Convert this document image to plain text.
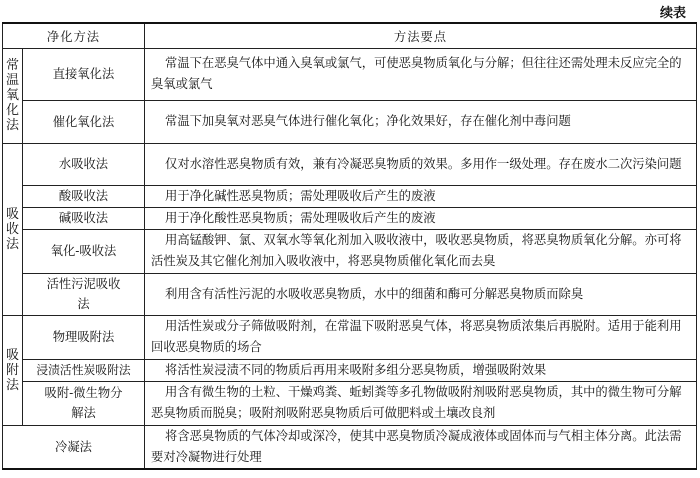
续表
净化方法		方法要点
常温氧化法	直接氧化法	常温下在恶臭气体中通入臭氧或氯气，可使恶臭物质氧化与分解；但往往还需处理未反应完全的臭氧或氯气
	催化氧化法	常温下加臭氧对恶臭气体进行催化氧化；净化效果好，存在催化剂中毒问题
吸收法	水吸收法	仅对水溶性恶臭物质有效，兼有冷凝恶臭物质的效果。多用作一级处理。存在废水二次污染问题
	酸吸收法	用于净化碱性恶臭物质；需处理吸收后产生的废液
	碱吸收法	用于净化酸性恶臭物质；需处理吸收后产生的废液
	氧化-吸收法	用高锰酸钾、氯、双氧水等氧化剂加入吸收液中，吸收恶臭物质，将恶臭物质氧化分解。亦可将活性炭及其它催化剂加入吸收液中，将恶臭物质催化氧化而去臭
	活性污泥吸收法	利用含有活性污泥的水吸收恶臭物质，水中的细菌和酶可分解恶臭物质而除臭
吸附法	物理吸附法	用活性炭或分子筛做吸附剂，在常温下吸附恶臭气体，将恶臭物质浓集后再脱附。适用于能利用回收恶臭物质的场合
	浸渍活性炭吸附法	将活性炭浸渍不同的物质后再用来吸附多组分恶臭物质，增强吸附效果
	吸附-微生物分解法	用含有微生物的土粒、干燥鸡粪、蚯蚓粪等多孔物做吸附剂吸附恶臭物质，其中的微生物可分解恶臭物质而脱臭；吸附剂吸附恶臭物质后可做肥料或土壤改良剂
冷凝法		将含恶臭物质的气体冷却或深冷，使其中恶臭物质冷凝成液体或固体而与气相主体分离。此法需要对冷凝物进行处理
